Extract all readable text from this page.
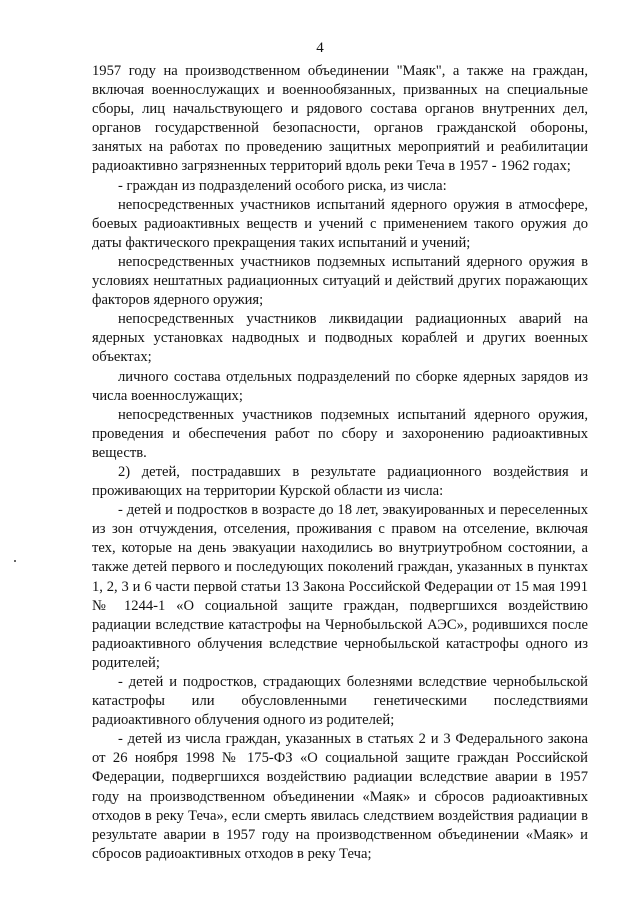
4

1957 году на производственном объединении "Маяк", а также на граждан, включая военнослужащих и военнообязанных, призванных на специальные сборы, лиц начальствующего и рядового состава органов внутренних дел, органов государственной безопасности, органов гражданской обороны, занятых на работах по проведению защитных мероприятий и реабилитации радиоактивно загрязненных территорий вдоль реки Теча в 1957 - 1962 годах;

- граждан из подразделений особого риска, из числа:

непосредственных участников испытаний ядерного оружия в атмосфере, боевых радиоактивных веществ и учений с применением такого оружия до даты фактического прекращения таких испытаний и учений;

непосредственных участников подземных испытаний ядерного оружия в условиях нештатных радиационных ситуаций и действий других поражающих факторов ядерного оружия;

непосредственных участников ликвидации радиационных аварий на ядерных установках надводных и подводных кораблей и других военных объектах;

личного состава отдельных подразделений по сборке ядерных зарядов из числа военнослужащих;

непосредственных участников подземных испытаний ядерного оружия, проведения и обеспечения работ по сбору и захоронению радиоактивных веществ.

2) детей, пострадавших в результате радиационного воздействия и проживающих на территории Курской области из числа:

- детей и подростков в возрасте до 18 лет, эвакуированных и переселенных из зон отчуждения, отселения, проживания с правом на отселение, включая тех, которые на день эвакуации находились во внутриутробном состоянии, а также детей первого и последующих поколений граждан, указанных в пунктах 1, 2, 3 и 6 части первой статьи 13 Закона Российской Федерации от 15 мая 1991 № 1244-1 «О социальной защите граждан, подвергшихся воздействию радиации вследствие катастрофы на Чернобыльской АЭС», родившихся после радиоактивного облучения вследствие чернобыльской катастрофы одного из родителей;

- детей и подростков, страдающих болезнями вследствие чернобыльской катастрофы или обусловленными генетическими последствиями радиоактивного облучения одного из родителей;

- детей из числа граждан, указанных в статьях 2 и 3 Федерального закона от 26 ноября 1998 № 175-ФЗ «О социальной защите граждан Российской Федерации, подвергшихся воздействию радиации вследствие аварии в 1957 году на производственном объединении «Маяк» и сбросов радиоактивных отходов в реку Теча», если смерть явилась следствием воздействия радиации в результате аварии в 1957 году на производственном объединении «Маяк» и сбросов радиоактивных отходов в реку Теча;
